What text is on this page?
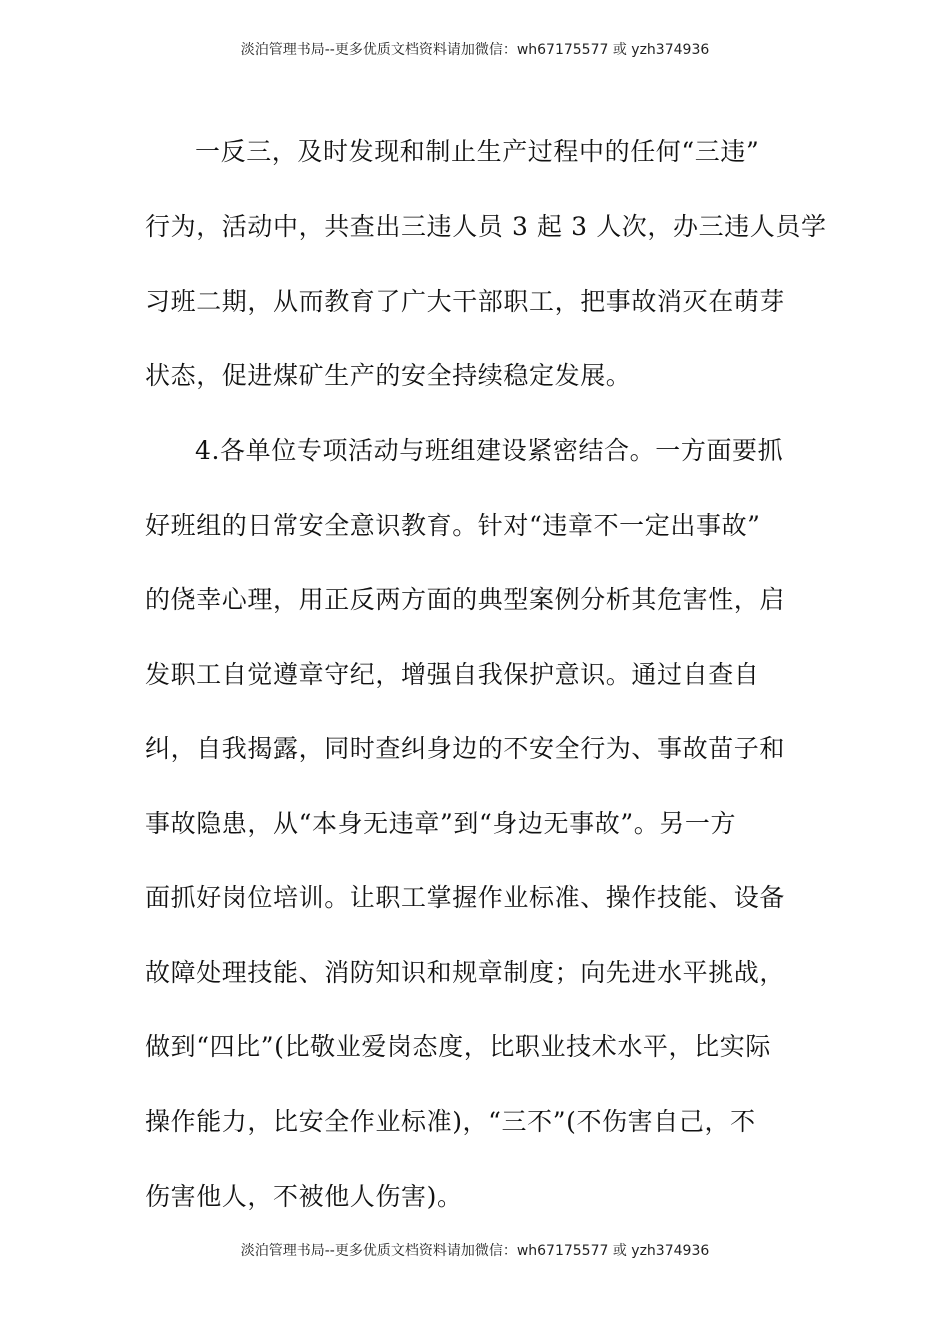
淡泊管理书局--更多优质文档资料请加微信：wh67175577 或 yzh374936
一反三，及时发现和制止生产过程中的任何“三违”
行为，活动中，共查出三违人员 3 起 3 人次，办三违人员学
习班二期，从而教育了广大干部职工，把事故消灭在萌芽
状态，促进煤矿生产的安全持续稳定发展。
4.各单位专项活动与班组建设紧密结合。一方面要抓
好班组的日常安全意识教育。针对“违章不一定出事故”
的侥幸心理，用正反两方面的典型案例分析其危害性，启
发职工自觉遵章守纪，增强自我保护意识。通过自查自
纠，自我揭露，同时查纠身边的不安全行为、事故苗子和
事故隐患，从“本身无违章”到“身边无事故”。另一方
面抓好岗位培训。让职工掌握作业标准、操作技能、设备
故障处理技能、消防知识和规章制度；向先进水平挑战，
做到“四比”(比敬业爱岗态度，比职业技术水平，比实际
操作能力，比安全作业标准)，“三不”(不伤害自己，不
伤害他人，不被他人伤害)。
淡泊管理书局--更多优质文档资料请加微信：wh67175577 或 yzh374936
